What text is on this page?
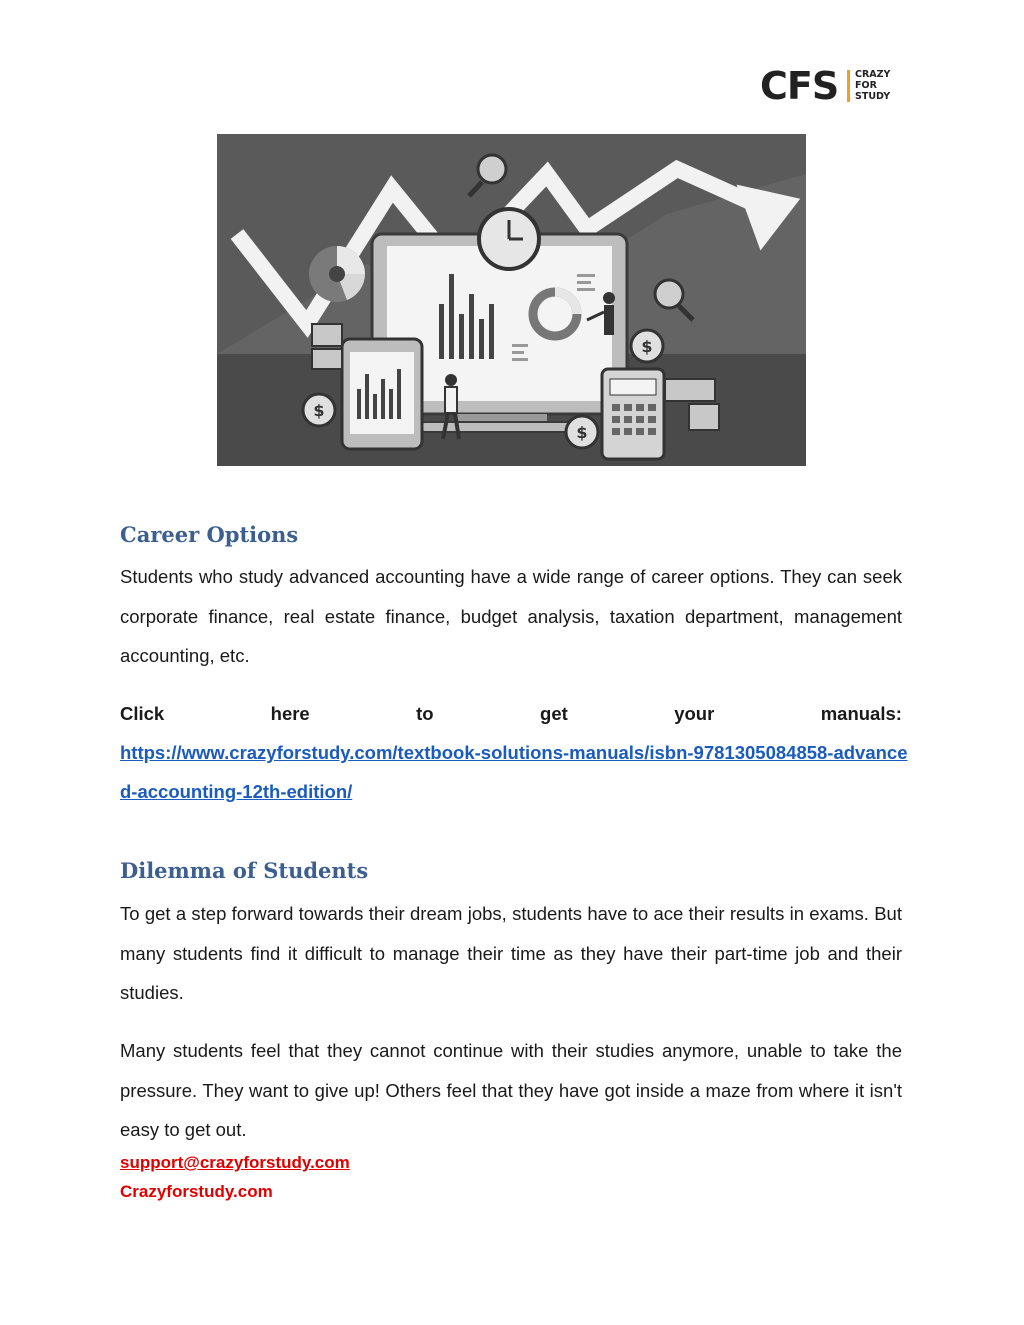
CFS CRAZY
FOR
STUDY
$
$
$
Career Options

Students who study advanced accounting have a wide range of career options. They can seek corporate finance, real estate finance, budget analysis, taxation department, management accounting, etc.

Click	here	to	get	your	manuals:

https://www.crazyforstudy.com/textbook-solutions-manuals/isbn-9781305084858-advanced-accounting-12th-edition/
Dilemma of Students

To get a step forward towards their dream jobs, students have to ace their results in exams. But many students find it difficult to manage their time as they have their part-time job and their studies.

Many students feel that they cannot continue with their studies anymore, unable to take the pressure. They want to give up! Others feel that they have got inside a maze from where it isn't easy to get out.

support@crazyforstudy.com

Crazyforstudy.com
